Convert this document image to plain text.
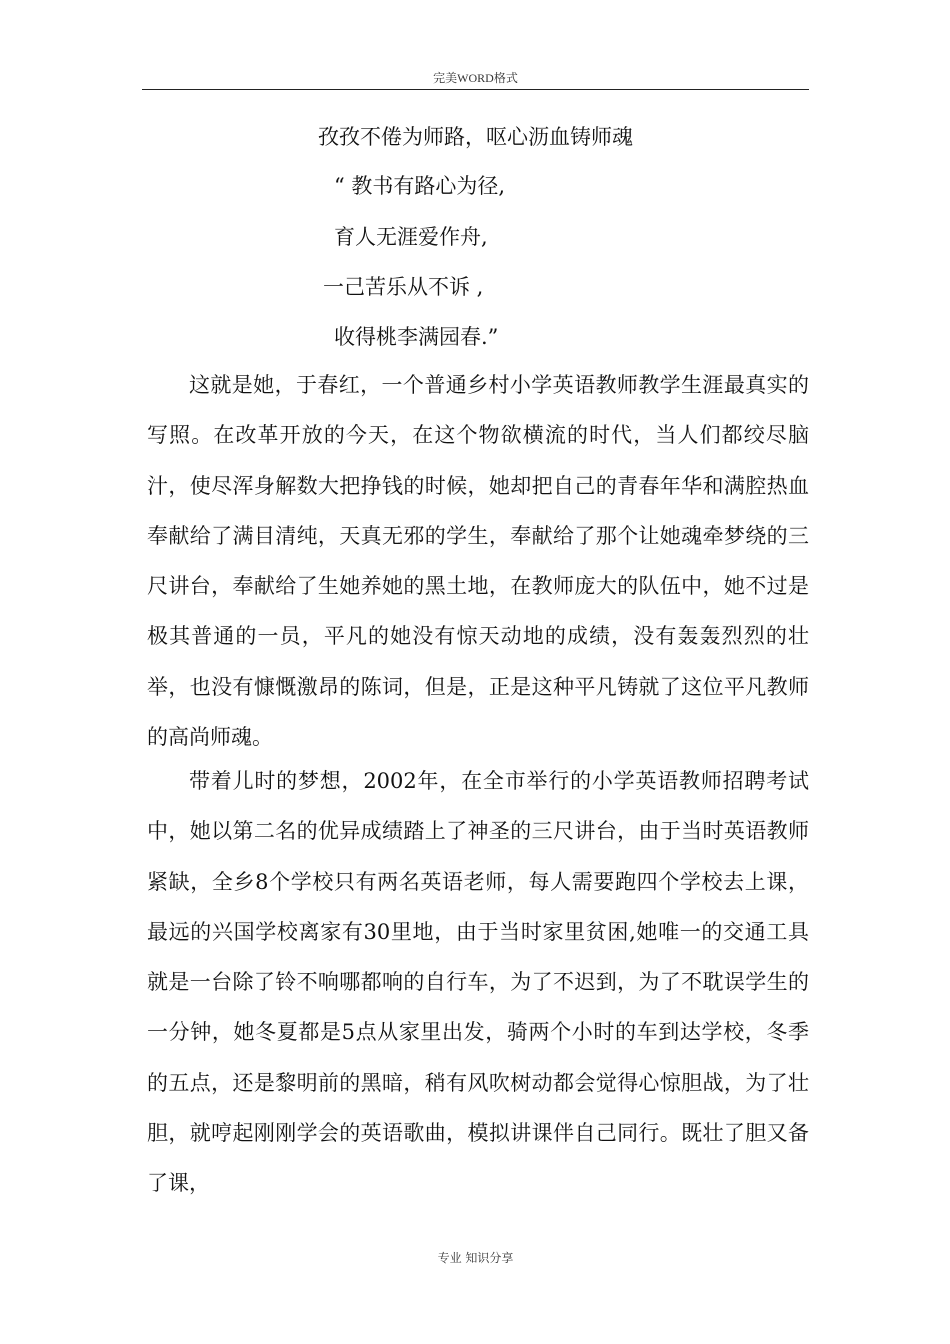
完美WORD格式
孜孜不倦为师路，呕心沥血铸师魂
“ 教书有路心为径,
育人无涯爱作舟,
一己苦乐从不诉 ,
收得桃李满园春.”

这就是她，于春红，一个普通乡村小学英语教师教学生涯最真实的写照。在改革开放的今天，在这个物欲横流的时代，当人们都绞尽脑汁，使尽浑身解数大把挣钱的时候，她却把自己的青春年华和满腔热血奉献给了满目清纯，天真无邪的学生，奉献给了那个让她魂牵梦绕的三尺讲台，奉献给了生她养她的黑土地，在教师庞大的队伍中，她不过是极其普通的一员，平凡的她没有惊天动地的成绩，没有轰轰烈烈的壮举，也没有慷慨激昂的陈词，但是，正是这种平凡铸就了这位平凡教师的高尚师魂。

带着儿时的梦想，2002年，在全市举行的小学英语教师招聘考试中，她以第二名的优异成绩踏上了神圣的三尺讲台，由于当时英语教师紧缺，全乡8个学校只有两名英语老师，每人需要跑四个学校去上课，最远的兴国学校离家有30里地，由于当时家里贫困,她唯一的交通工具就是一台除了铃不响哪都响的自行车，为了不迟到，为了不耽误学生的一分钟，她冬夏都是5点从家里出发，骑两个小时的车到达学校，冬季的五点，还是黎明前的黑暗，稍有风吹树动都会觉得心惊胆战，为了壮胆，就哼起刚刚学会的英语歌曲，模拟讲课伴自己同行。既壮了胆又备了课，

专业 知识分享
